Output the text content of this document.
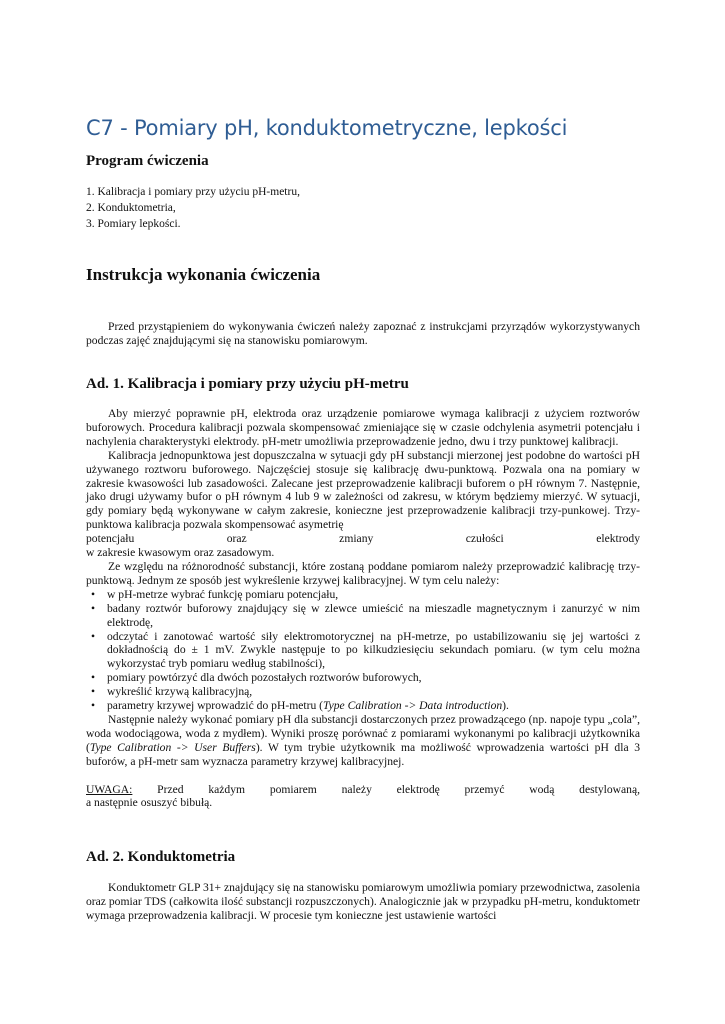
C7 - Pomiary pH, konduktometryczne, lepkości
Program ćwiczenia
1. Kalibracja i pomiary przy użyciu pH-metru,
2. Konduktometria,
3. Pomiary lepkości.
Instrukcja wykonania ćwiczenia
Przed przystąpieniem do wykonywania ćwiczeń należy zapoznać z instrukcjami przyrządów wykorzystywanych podczas zajęć znajdującymi się na stanowisku pomiarowym.
Ad. 1. Kalibracja i pomiary przy użyciu pH-metru
Aby mierzyć poprawnie pH, elektroda oraz urządzenie pomiarowe wymaga kalibracji z użyciem roztworów buforowych. Procedura kalibracji pozwala skompensować zmieniające się w czasie odchylenia asymetrii potencjału i nachylenia charakterystyki elektrody. pH-metr umożliwia przeprowadzenie jedno, dwu i trzy punktowej kalibracji.
Kalibracja jednopunktowa jest dopuszczalna w sytuacji gdy pH substancji mierzonej jest podobne do wartości pH używanego roztworu buforowego. Najczęściej stosuje się kalibrację dwu-punktową. Pozwala ona na pomiary w zakresie kwasowości lub zasadowości. Zalecane jest przeprowadzenie kalibracji buforem o pH równym 7. Następnie, jako drugi używamy bufor o pH równym 4 lub 9 w zależności od zakresu, w którym będziemy mierzyć. W sytuacji, gdy pomiary będą wykonywane w całym zakresie, konieczne jest przeprowadzenie kalibracji trzy-punkowej. Trzy-punktowa kalibracja pozwala skompensować asymetrię
potencjału oraz zmiany czułości elektrody
w zakresie kwasowym oraz zasadowym.
Ze względu na różnorodność substancji, które zostaną poddane pomiarom należy przeprowadzić kalibrację trzy-punktową. Jednym ze sposób jest wykreślenie krzywej kalibracyjnej. W tym celu należy:
• w pH-metrze wybrać funkcję pomiaru potencjału,
• badany roztwór buforowy znajdujący się w zlewce umieścić na mieszadle magnetycznym i zanurzyć w nim elektrodę,
• odczytać i zanotować wartość siły elektromotorycznej na pH-metrze, po ustabilizowaniu się jej wartości z dokładnością do ± 1 mV. Zwykle następuje to po kilkudziesięciu sekundach pomiaru. (w tym celu można wykorzystać tryb pomiaru według stabilności),
• pomiary powtórzyć dla dwóch pozostałych roztworów buforowych,
• wykreślić krzywą kalibracyjną,
• parametry krzywej wprowadzić do pH-metru (Type Calibration -> Data introduction).
Następnie należy wykonać pomiary pH dla substancji dostarczonych przez prowadzącego (np. napoje typu „cola”, woda wodociągowa, woda z mydłem). Wyniki proszę porównać z pomiarami wykonanymi po kalibracji użytkownika (Type Calibration -> User Buffers). W tym trybie użytkownik ma możliwość wprowadzenia wartości pH dla 3 buforów, a pH-metr sam wyznacza parametry krzywej kalibracyjnej.
UWAGA: Przed każdym pomiarem należy elektrodę przemyć wodą destylowaną,
a następnie osuszyć bibułą.
Ad. 2. Konduktometria
Konduktometr GLP 31+ znajdujący się na stanowisku pomiarowym umożliwia pomiary przewodnictwa, zasolenia oraz pomiar TDS (całkowita ilość substancji rozpuszczonych). Analogicznie jak w przypadku pH-metru, konduktometr wymaga przeprowadzenia kalibracji. W procesie tym konieczne jest ustawienie wartości
